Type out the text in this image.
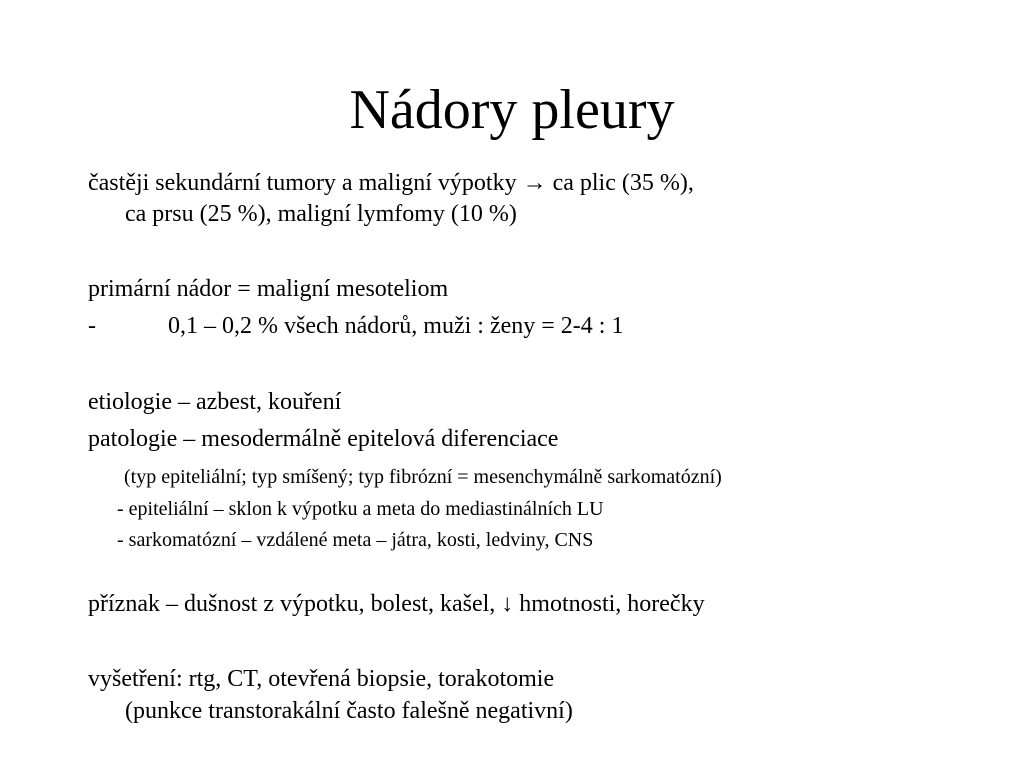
Nádory pleury
častěji sekundární tumory a maligní výpotky → ca plic (35 %),
ca prsu (25 %), maligní lymfomy (10 %)
primární nádor = maligní mesoteliom
-	0,1 – 0,2 % všech nádorů, muži : ženy = 2-4 : 1
etiologie – azbest, kouření
patologie – mesodermálně epitelová diferenciace
(typ epiteliální; typ smíšený; typ fibrózní = mesenchymálně sarkomatózní)
- epiteliální – sklon k výpotku a meta do mediastinálních LU
- sarkomatózní – vzdálené meta – játra, kosti, ledviny, CNS
příznak – dušnost z výpotku, bolest, kašel, ↓ hmotnosti, horečky
vyšetření: rtg, CT, otevřená biopsie, torakotomie
(punkce transtorakální často falešně negativní)
